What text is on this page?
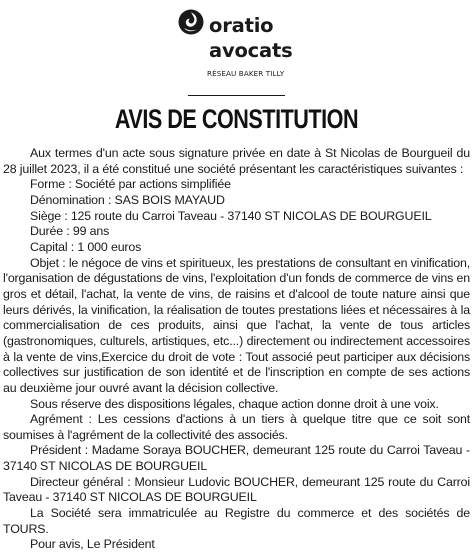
oratio
avocats
RÉSEAU BAKER TILLY
AVIS DE CONSTITUTION

Aux termes d'un acte sous signature privée en date à St Nicolas de Bourgueil du 28 juillet 2023, il a été constitué une société présentant les caractéristiques suivantes :

Forme : Société par actions simplifiée

Dénomination : SAS BOIS MAYAUD

Siège : 125 route du Carroi Taveau - 37140 ST NICOLAS DE BOURGUEIL

Durée : 99 ans

Capital : 1 000 euros

Objet : le négoce de vins et spiritueux, les prestations de consultant en vinification, l'organisation de dégustations de vins, l'exploitation d'un fonds de commerce de vins en gros et détail, l'achat, la vente de vins, de raisins et d'alcool de toute nature ainsi que leurs dérivés, la vinification, la réalisation de toutes prestations liées et nécessaires à la commercialisation de ces produits, ainsi que l'achat, la vente de tous articles (gastronomiques, culturels, artistiques, etc...) directement ou indirectement accessoires à la vente de vins,Exercice du droit de vote : Tout associé peut participer aux décisions collectives sur justification de son identité et de l'inscription en compte de ses actions au deuxième jour ouvré avant la décision collective.

Sous réserve des dispositions légales, chaque action donne droit à une voix.

Agrément : Les cessions d'actions à un tiers à quelque titre que ce soit sont soumises à l'agrément de la collectivité des associés.

Président : Madame Soraya BOUCHER, demeurant 125 route du Carroi Taveau - 37140 ST NICOLAS DE BOURGUEIL

Directeur général : Monsieur Ludovic BOUCHER, demeurant 125 route du Carroi Taveau - 37140 ST NICOLAS DE BOURGUEIL

La Société sera immatriculée au Registre du commerce et des sociétés de TOURS.

Pour avis, Le Président
